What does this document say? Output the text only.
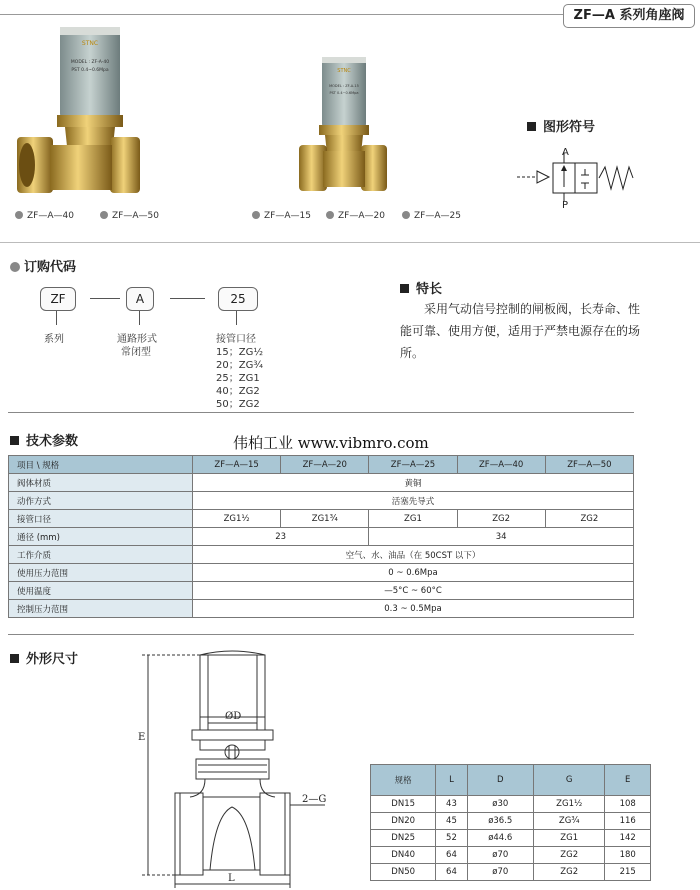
ZF—A 系列角座阀
STNC
MODEL : ZF-A-40
PST 0.4~0.6Mpa	STNC
MODEL : ZF-A-15
PST 0.4~0.6Mpa
ZF—A—40	ZF—A—50	ZF—A—15	ZF—A—20	ZF—A—25
图形符号
A
P
订购代码
ZF	A	25
系列	通路形式
常闭型
接管口径
15；ZG½
20；ZG¾
25；ZG1
40；ZG2
50；ZG2
特长
采用气动信号控制的闸板阀，长寿命、性
能可靠、使用方便，适用于严禁电源存在的场
所。
技术参数	伟柏工业 www.vibmro.com
项目 \ 规格	ZF—A—15	ZF—A—20	ZF—A—25	ZF—A—40	ZF—A—50
阀体材质	黄铜				
动作方式	活塞先导式				
接管口径	ZG1½	ZG1¾	ZG1	ZG2	ZG2
通径 (mm)	23		34		
工作介质	空气、水、油品（在 50CST 以下）				
使用压力范围	0 ~ 0.6Mpa				
使用温度	—5°C ~ 60°C				
控制压力范围	0.3 ~ 0.5Mpa				
外形尺寸
E
ØD
2—G
L
规格	L	D	G	E
DN15	43	ø30	ZG1½	108
DN20	45	ø36.5	ZG¾	116
DN25	52	ø44.6	ZG1	142
DN40	64	ø70	ZG2	180
DN50	64	ø70	ZG2	215
